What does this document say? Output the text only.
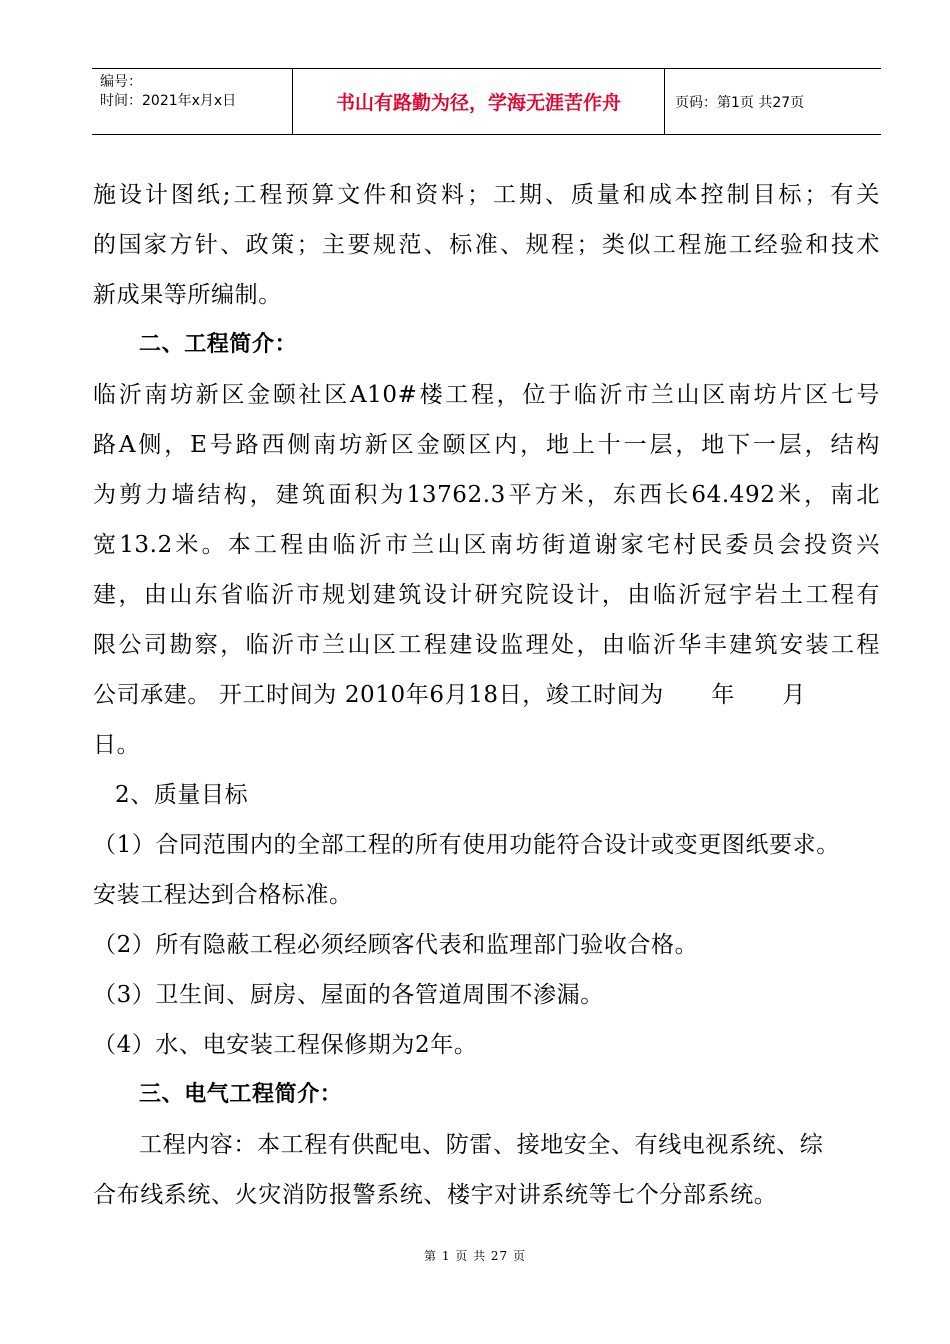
编号：
时间：2021年x月x日	书山有路勤为径，学海无涯苦作舟	页码：第1页 共27页
施设计图纸;工程预算文件和资料；工期、质量和成本控制目标；有关
的国家方针、政策；主要规范、标准、规程；类似工程施工经验和技术
新成果等所编制。
二、工程简介：
临沂南坊新区金颐社区A10#楼工程，位于临沂市兰山区南坊片区七号
路A侧，E号路西侧南坊新区金颐区内，地上十一层，地下一层，结构
为剪力墙结构，建筑面积为13762.3平方米，东西长64.492米，南北
宽13.2米。本工程由临沂市兰山区南坊街道谢家宅村民委员会投资兴
建，由山东省临沂市规划建筑设计研究院设计，由临沂冠宇岩土工程有
限公司勘察，临沂市兰山区工程建设监理处，由临沂华丰建筑安装工程
公司承建。 开工时间为 2010年6月18日，竣工时间为      年      月
日。
2、质量目标
（1）合同范围内的全部工程的所有使用功能符合设计或变更图纸要求。
安装工程达到合格标准。
（2）所有隐蔽工程必须经顾客代表和监理部门验收合格。
（3）卫生间、厨房、屋面的各管道周围不渗漏。
（4）水、电安装工程保修期为2年。
三、电气工程简介：
工程内容：本工程有供配电、防雷、接地安全、有线电视系统、综
合布线系统、火灾消防报警系统、楼宇对讲系统等七个分部系统。
第 1 页 共 27 页
